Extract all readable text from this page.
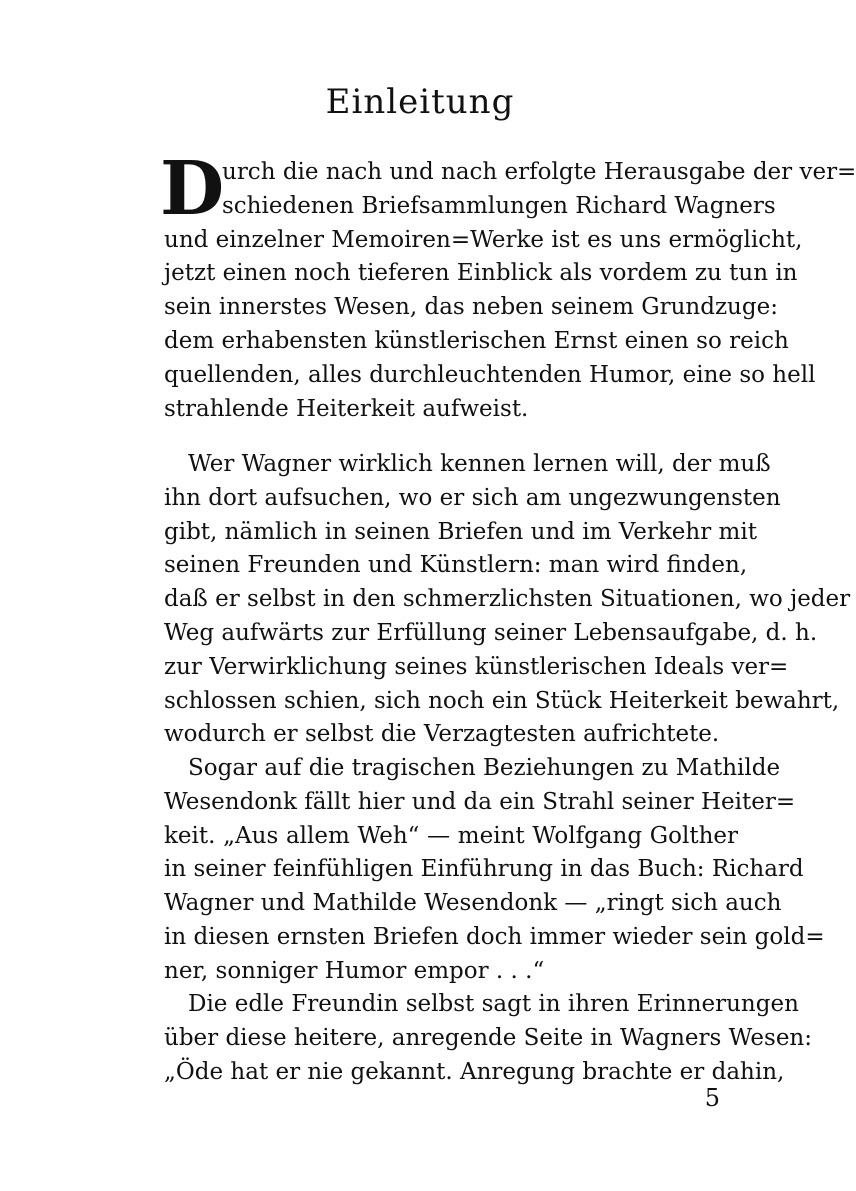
Einleitung
D
urch die nach und nach erfolgte Herausgabe der ver=
schiedenen Briefsammlungen Richard Wagners
und einzelner Memoiren=Werke ist es uns ermöglicht,
jetzt einen noch tieferen Einblick als vordem zu tun in
sein innerstes Wesen, das neben seinem Grundzuge:
dem erhabensten künstlerischen Ernst einen so reich
quellenden, alles durchleuchtenden Humor, eine so hell
strahlende Heiterkeit aufweist.
Wer Wagner wirklich kennen lernen will, der muß
ihn dort aufsuchen, wo er sich am ungezwungensten
gibt, nämlich in seinen Briefen und im Verkehr mit
seinen Freunden und Künstlern: man wird finden,
daß er selbst in den schmerzlichsten Situationen, wo jeder
Weg aufwärts zur Erfüllung seiner Lebensaufgabe, d. h.
zur Verwirklichung seines künstlerischen Ideals ver=
schlossen schien, sich noch ein Stück Heiterkeit bewahrt,
wodurch er selbst die Verzagtesten aufrichtete.
Sogar auf die tragischen Beziehungen zu Mathilde
Wesendonk fällt hier und da ein Strahl seiner Heiter=
keit. „Aus allem Weh“ — meint Wolfgang Golther
in seiner feinfühligen Einführung in das Buch: Richard
Wagner und Mathilde Wesendonk — „ringt sich auch
in diesen ernsten Briefen doch immer wieder sein gold=
ner, sonniger Humor empor . . .“
Die edle Freundin selbst sagt in ihren Erinnerungen
über diese heitere, anregende Seite in Wagners Wesen:
„Öde hat er nie gekannt. Anregung brachte er dahin,
5
